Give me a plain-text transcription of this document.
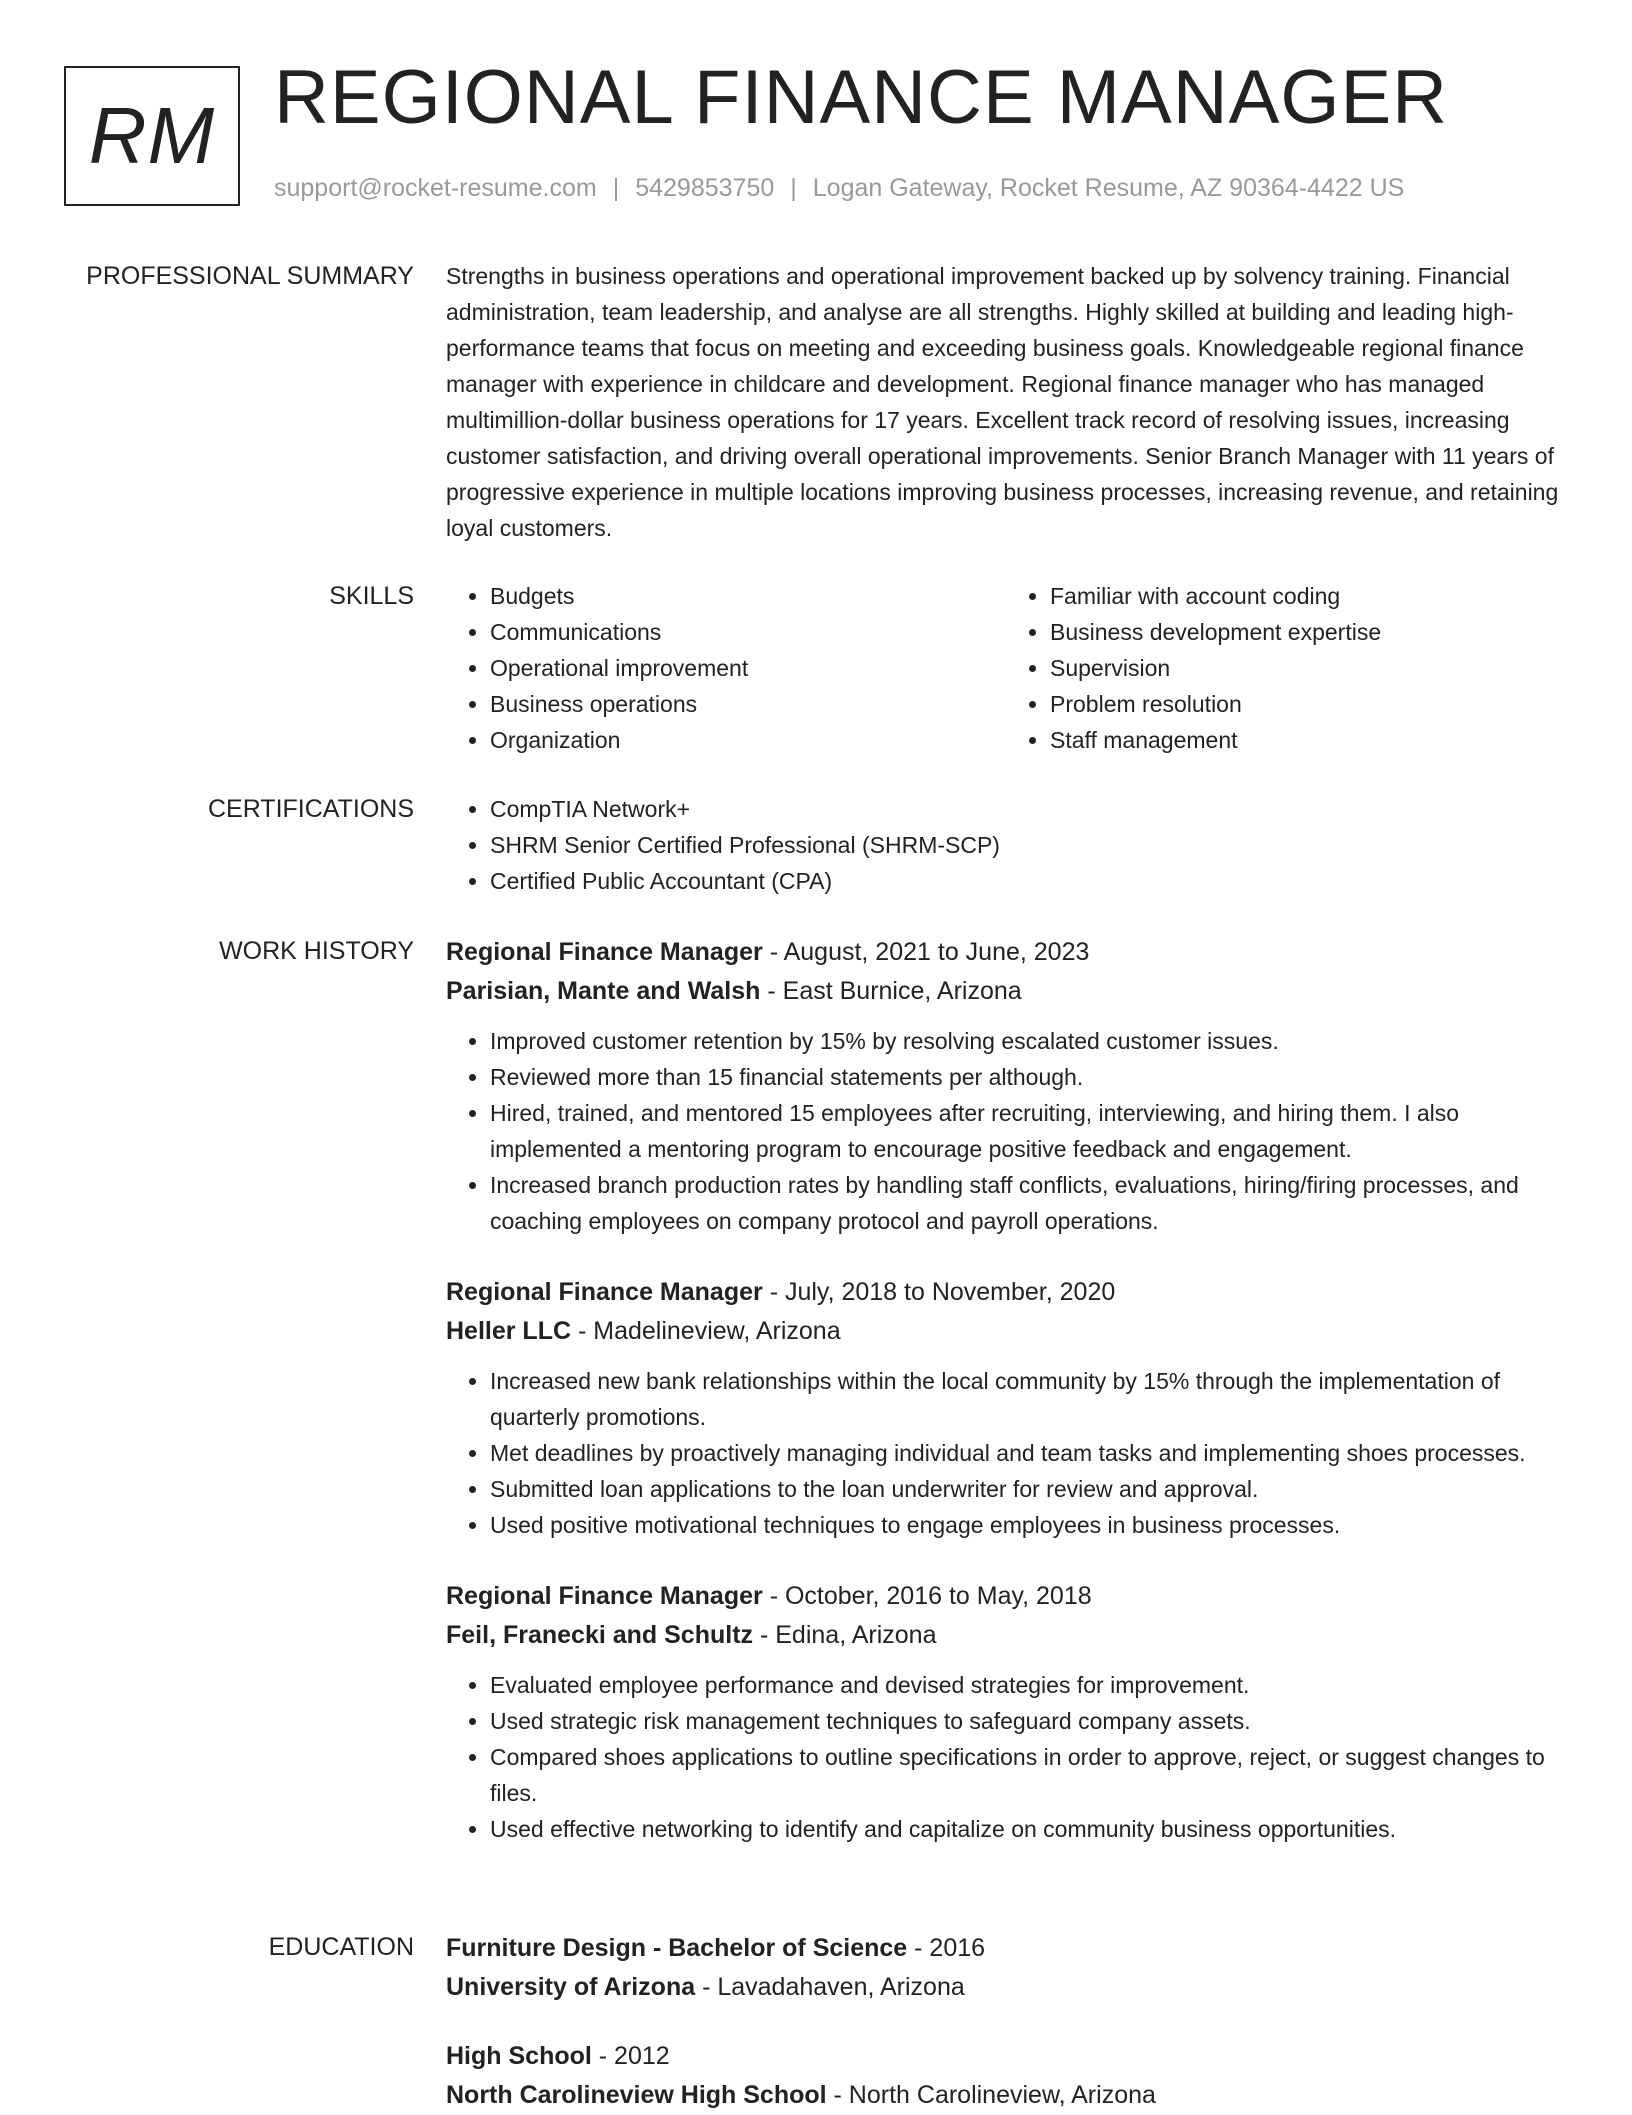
RM REGIONAL FINANCE MANAGER
support@rocket-resume.com | 5429853750 | Logan Gateway, Rocket Resume, AZ 90364-4422 US
PROFESSIONAL SUMMARY Strengths in business operations and operational improvement backed up by solvency training. Financial administration, team leadership, and analyse are all strengths. Highly skilled at building and leading high-performance teams that focus on meeting and exceeding business goals. Knowledgeable regional finance manager with experience in childcare and development. Regional finance manager who has managed multimillion-dollar business operations for 17 years. Excellent track record of resolving issues, increasing customer satisfaction, and driving overall operational improvements. Senior Branch Manager with 11 years of progressive experience in multiple locations improving business processes, increasing revenue, and retaining loyal customers.
SKILLS	• Budgets
• Communications
• Operational improvement
• Business operations
• Organization
• Familiar with account coding
• Business development expertise
• Supervision
• Problem resolution
• Staff management
CERTIFICATIONS	• CompTIA Network+
• SHRM Senior Certified Professional (SHRM-SCP)
• Certified Public Accountant (CPA)
WORK HISTORY Regional Finance Manager - August, 2021 to June, 2023
Parisian, Mante and Walsh - East Burnice, Arizona
• Improved customer retention by 15% by resolving escalated customer issues.
• Reviewed more than 15 financial statements per although.
• Hired, trained, and mentored 15 employees after recruiting, interviewing, and hiring them. I also implemented a mentoring program to encourage positive feedback and engagement.
• Increased branch production rates by handling staff conflicts, evaluations, hiring/firing processes, and coaching employees on company protocol and payroll operations.
Regional Finance Manager - July, 2018 to November, 2020
Heller LLC - Madelineview, Arizona
• Increased new bank relationships within the local community by 15% through the implementation of quarterly promotions.
• Met deadlines by proactively managing individual and team tasks and implementing shoes processes.
• Submitted loan applications to the loan underwriter for review and approval.
• Used positive motivational techniques to engage employees in business processes.
Regional Finance Manager - October, 2016 to May, 2018
Feil, Franecki and Schultz - Edina, Arizona
• Evaluated employee performance and devised strategies for improvement.
• Used strategic risk management techniques to safeguard company assets.
• Compared shoes applications to outline specifications in order to approve, reject, or suggest changes to files.
• Used effective networking to identify and capitalize on community business opportunities.
EDUCATION Furniture Design - Bachelor of Science - 2016
University of Arizona - Lavadahaven, Arizona
High School - 2012
North Carolineview High School - North Carolineview, Arizona
